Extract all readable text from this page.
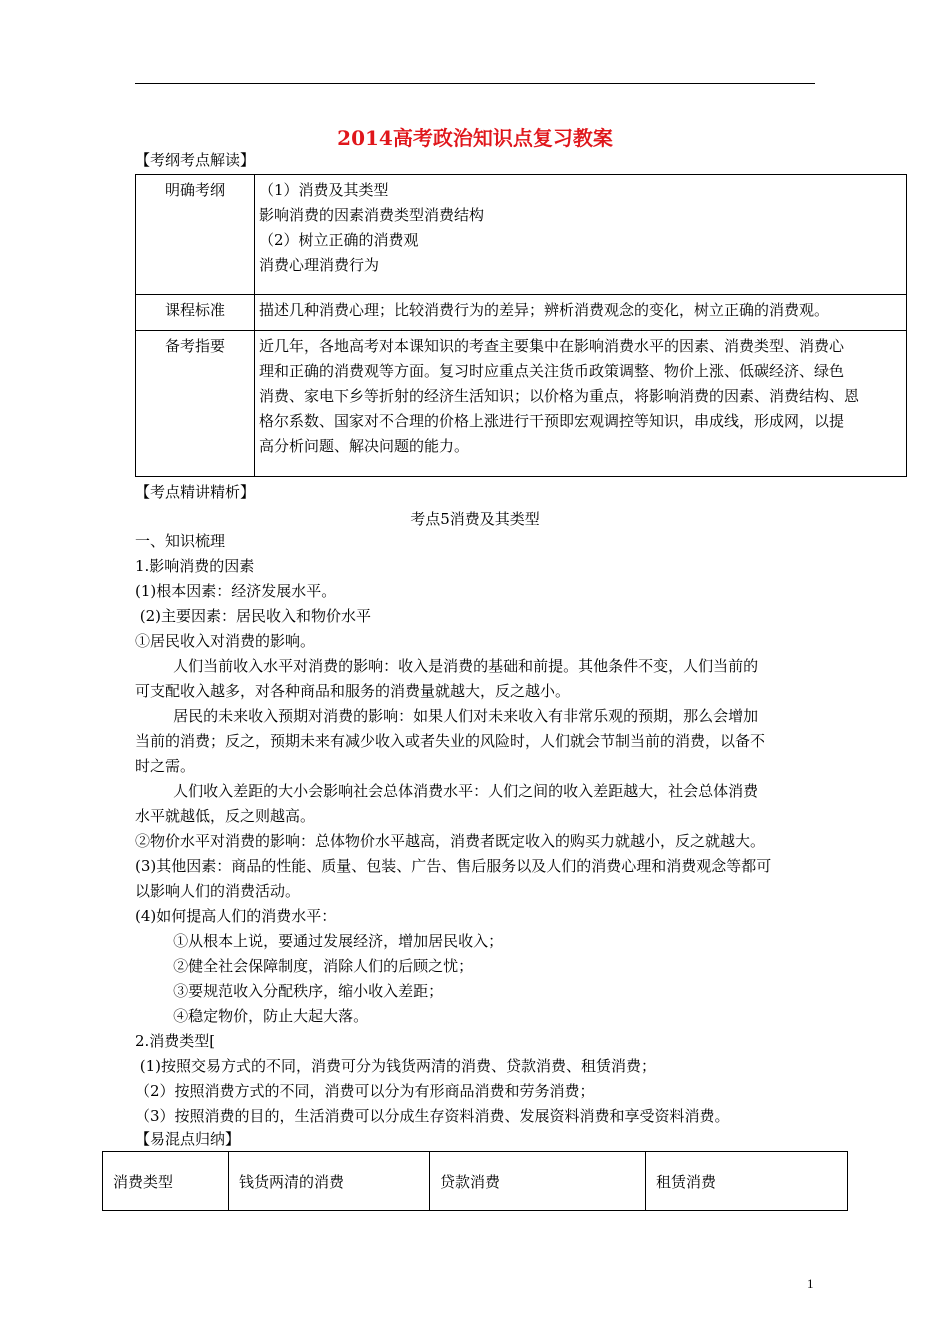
2014高考政治知识点复习教案
【考纲考点解读】
明确考纲	（1）消费及其类型
影响消费的因素消费类型消费结构
（2）树立正确的消费观
消费心理消费行为

课程标准	描述几种消费心理；比较消费行为的差异；辨析消费观念的变化，树立正确的消费观。
备考指要	近几年，各地高考对本课知识的考查主要集中在影响消费水平的因素、消费类型、消费心
理和正确的消费观等方面。复习时应重点关注货币政策调整、物价上涨、低碳经济、绿色
消费、家电下乡等折射的经济生活知识；以价格为重点，将影响消费的因素、消费结构、恩
格尔系数、国家对不合理的价格上涨进行干预即宏观调控等知识，串成线，形成网，以提
高分析问题、解决问题的能力。
【考点精讲精析】
考点5消费及其类型
一、知识梳理
1.影响消费的因素
(1)根本因素：经济发展水平。
(2)主要因素：居民收入和物价水平
①居民收入对消费的影响。
人们当前收入水平对消费的影响：收入是消费的基础和前提。其他条件不变，人们当前的
可支配收入越多，对各种商品和服务的消费量就越大，反之越小。
居民的未来收入预期对消费的影响：如果人们对未来收入有非常乐观的预期，那么会增加
当前的消费；反之，预期未来有减少收入或者失业的风险时，人们就会节制当前的消费，以备不
时之需。
人们收入差距的大小会影响社会总体消费水平：人们之间的收入差距越大，社会总体消费
水平就越低，反之则越高。
②物价水平对消费的影响：总体物价水平越高，消费者既定收入的购买力就越小，反之就越大。
(3)其他因素：商品的性能、质量、包装、广告、售后服务以及人们的消费心理和消费观念等都可
以影响人们的消费活动。
(4)如何提高人们的消费水平：
①从根本上说，要通过发展经济，增加居民收入；
②健全社会保障制度，消除人们的后顾之忧；
③要规范收入分配秩序，缩小收入差距；
④稳定物价，防止大起大落。
2.消费类型[
(1)按照交易方式的不同，消费可分为钱货两清的消费、贷款消费、租赁消费；
（2）按照消费方式的不同，消费可以分为有形商品消费和劳务消费；
（3）按照消费的目的，生活消费可以分成生存资料消费、发展资料消费和享受资料消费。
【易混点归纳】
消费类型	钱货两清的消费	贷款消费	租赁消费
1
